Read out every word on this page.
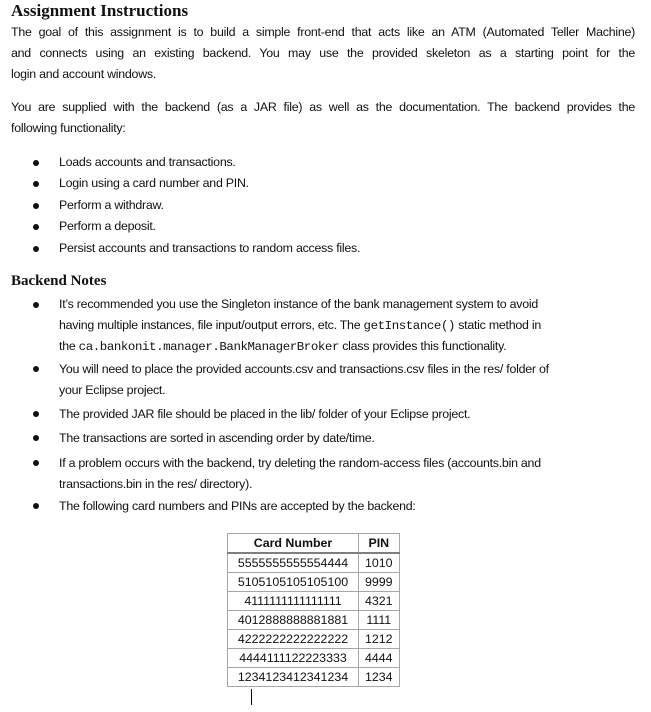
Assignment Instructions
The goal of this assignment is to build a simple front-end that acts like an ATM (Automated Teller Machine)
and connects using an existing backend. You may use the provided skeleton as a starting point for the
login and account windows.
You are supplied with the backend (as a JAR file) as well as the documentation. The backend provides the
following functionality:
Loads accounts and transactions.
Login using a card number and PIN.
Perform a withdraw.
Perform a deposit.
Persist accounts and transactions to random access files.
Backend Notes
It’s recommended you use the Singleton instance of the bank management system to avoid
having multiple instances, file input/output errors, etc. The getInstance() static method in
the ca.bankonit.manager.BankManagerBroker class provides this functionality.
You will need to place the provided accounts.csv and transactions.csv files in the res/ folder of
your Eclipse project.
The provided JAR file should be placed in the lib/ folder of your Eclipse project.
The transactions are sorted in ascending order by date/time.
If a problem occurs with the backend, try deleting the random-access files (accounts.bin and
transactions.bin in the res/ directory).
The following card numbers and PINs are accepted by the backend:
Card Number	PIN
5555555555554444	1010
5105105105105100	9999
4111111111111111	4321
4012888888881881	1111
4222222222222222	1212
4444111122223333	4444
1234123412341234	1234
